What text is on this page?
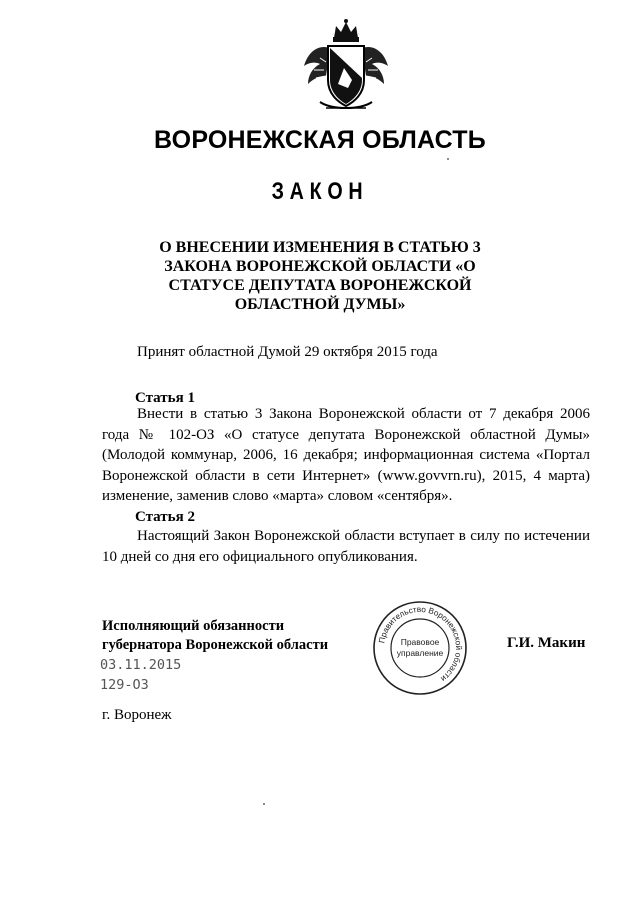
ВОРОНЕЖСКАЯ ОБЛАСТЬ
ЗАКОН
О ВНЕСЕНИИ ИЗМЕНЕНИЯ В СТАТЬЮ 3 ЗАКОНА ВОРОНЕЖСКОЙ ОБЛАСТИ «О СТАТУСЕ ДЕПУТАТА ВОРОНЕЖСКОЙ ОБЛАСТНОЙ ДУМЫ»
Принят областной Думой 29 октября 2015 года
Статья 1

Внести в статью 3 Закона Воронежской области от 7 декабря 2006 года № 102-ОЗ «О статусе депутата Воронежской областной Думы» (Молодой коммунар, 2006, 16 декабря; информационная система «Портал Воронежской области в сети Интернет» (www.govvrn.ru), 2015, 4 марта) изменение, заменив слово «марта» словом «сентября».

Статья 2

Настоящий Закон Воронежской области вступает в силу по истечении 10 дней со дня его официального опубликования.

Исполняющий обязанности
губернатора Воронежской области	Правительство Воронежской области
Правовое
управление
Г.И. Макин
03.11.2015
129-ОЗ
г. Воронеж
